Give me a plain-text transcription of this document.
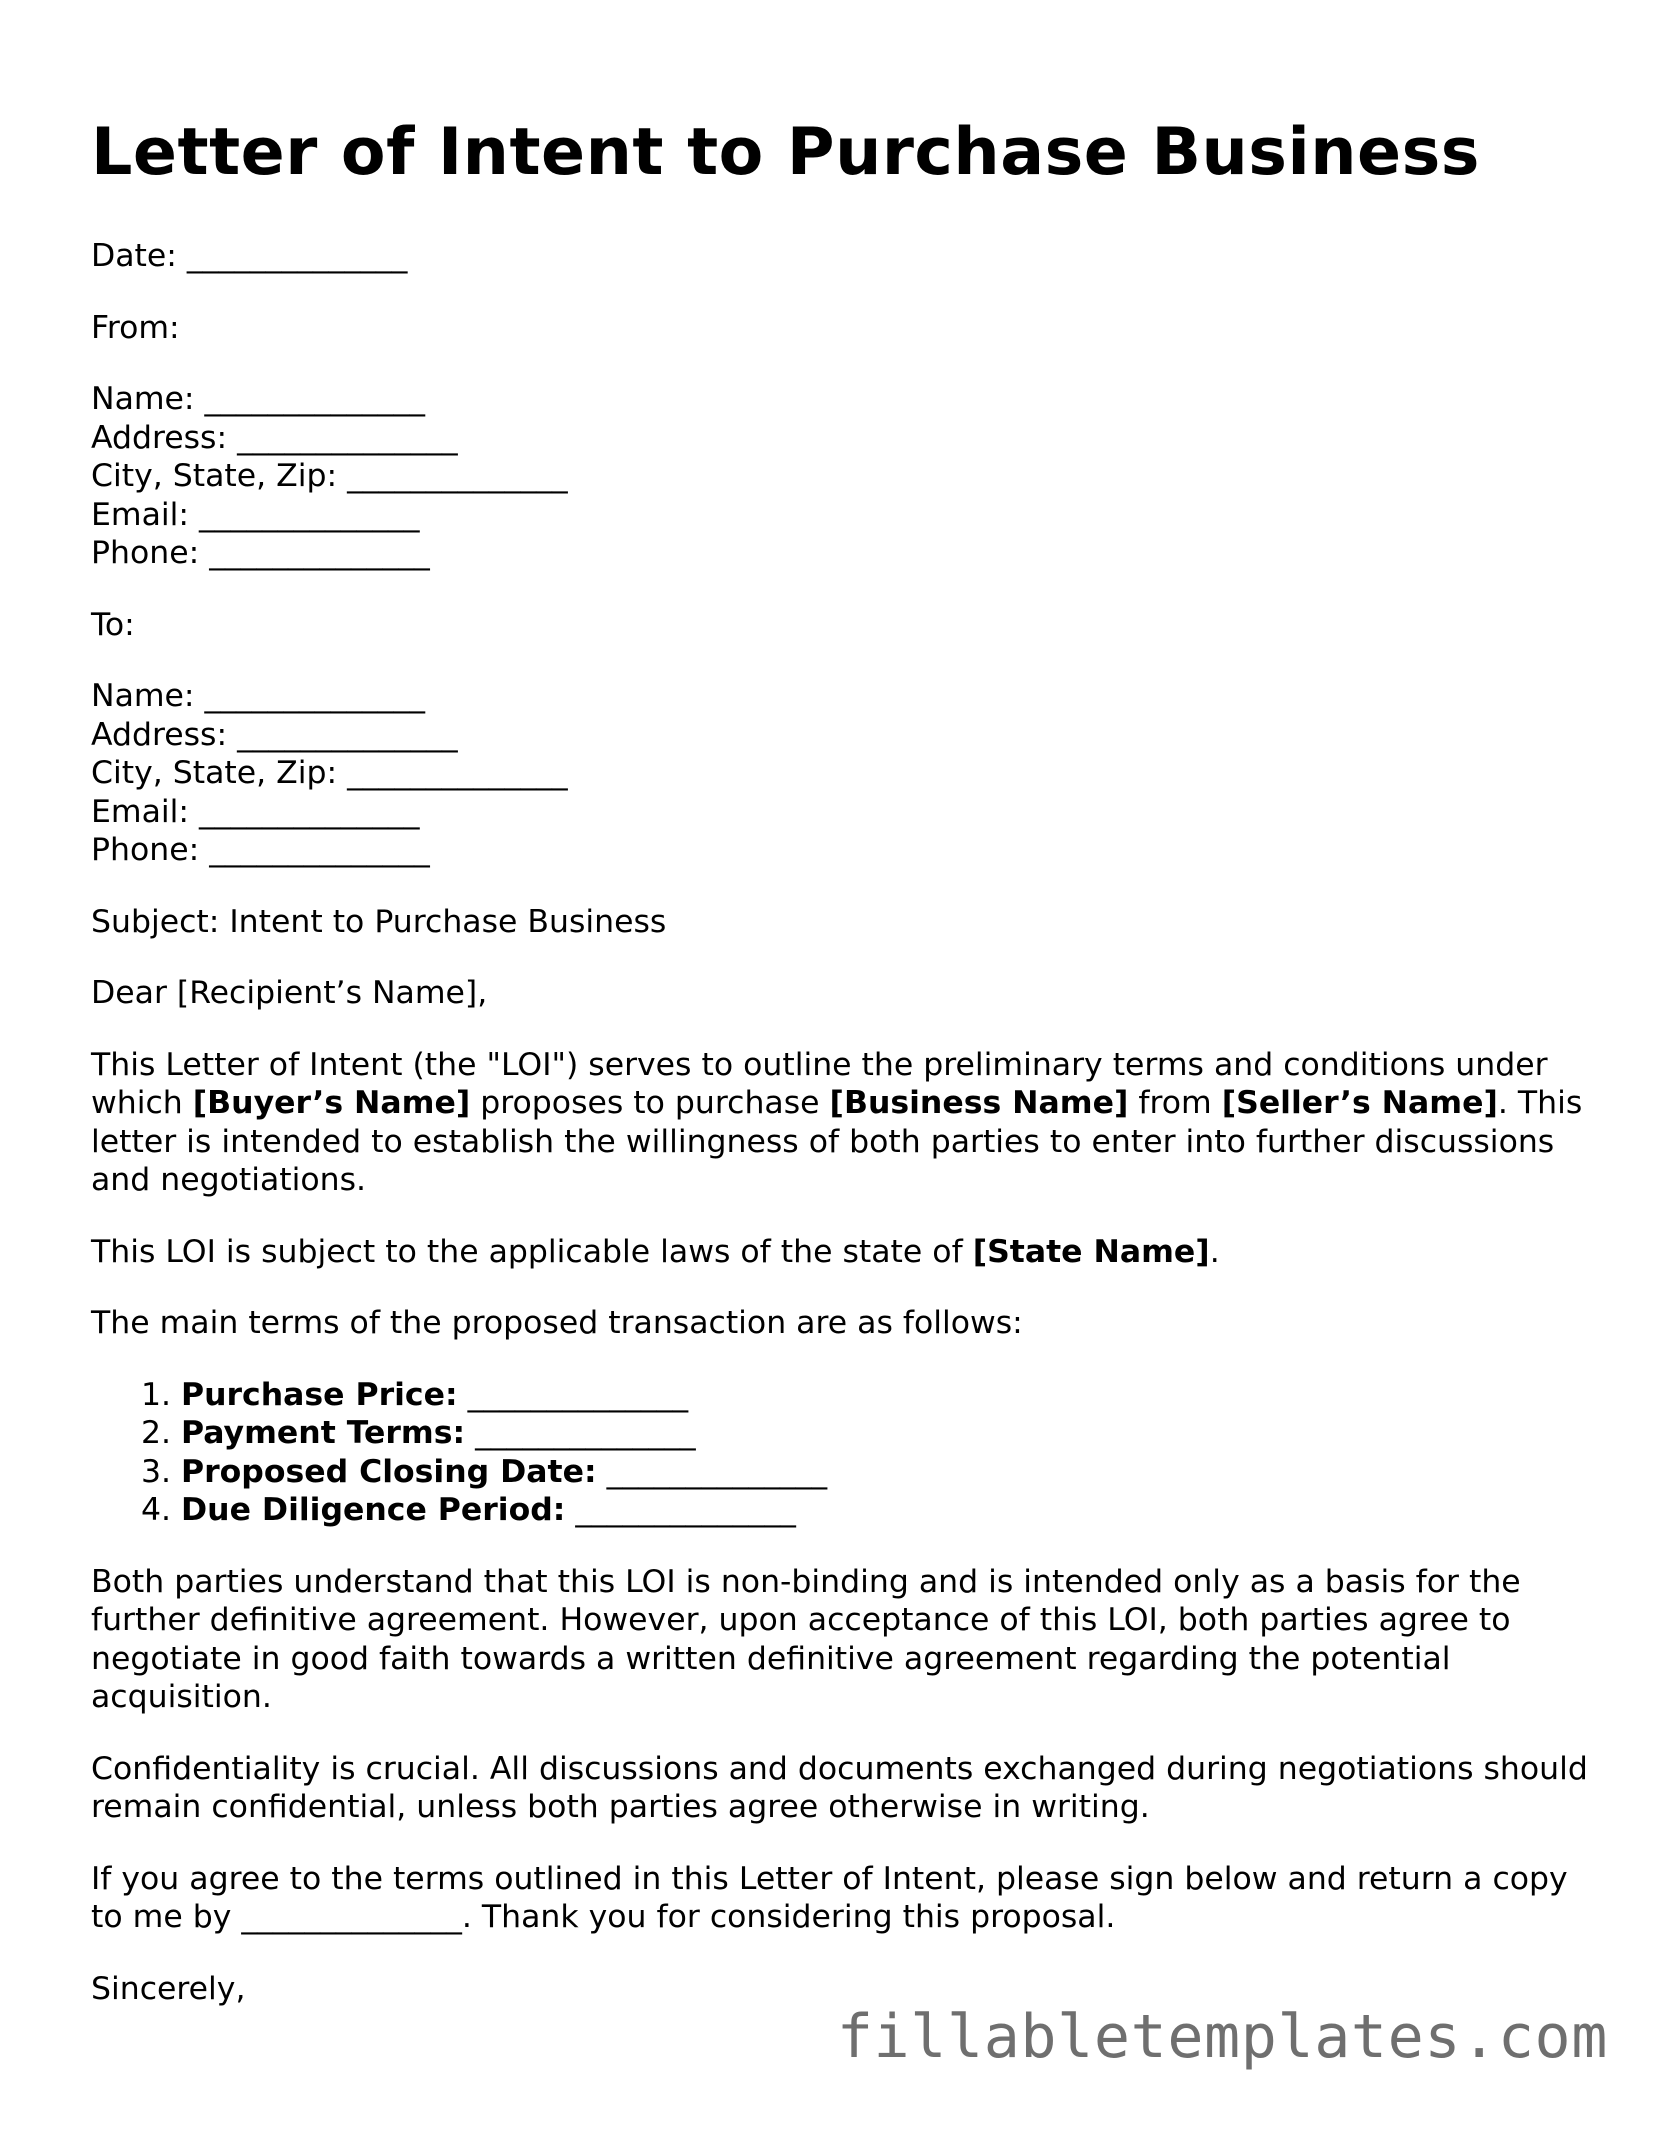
Letter of Intent to Purchase Business

Date: ______________

From:

Name: ______________
Address: ______________
City, State, Zip: ______________
Email: ______________
Phone: ______________

To:

Name: ______________
Address: ______________
City, State, Zip: ______________
Email: ______________
Phone: ______________

Subject: Intent to Purchase Business

Dear [Recipient’s Name],

This Letter of Intent (the "LOI") serves to outline the preliminary terms and conditions under which [Buyer’s Name] proposes to purchase [Business Name] from [Seller’s Name]. This letter is intended to establish the willingness of both parties to enter into further discussions and negotiations.

This LOI is subject to the applicable laws of the state of [State Name].

The main terms of the proposed transaction are as follows:

1. Purchase Price: ______________
2. Payment Terms: ______________
3. Proposed Closing Date: ______________
4. Due Diligence Period: ______________

Both parties understand that this LOI is non-binding and is intended only as a basis for the further definitive agreement. However, upon acceptance of this LOI, both parties agree to negotiate in good faith towards a written definitive agreement regarding the potential acquisition.

Confidentiality is crucial. All discussions and documents exchanged during negotiations should remain confidential, unless both parties agree otherwise in writing.

If you agree to the terms outlined in this Letter of Intent, please sign below and return a copy to me by ______________. Thank you for considering this proposal.

Sincerely,

fillabletemplates.com
